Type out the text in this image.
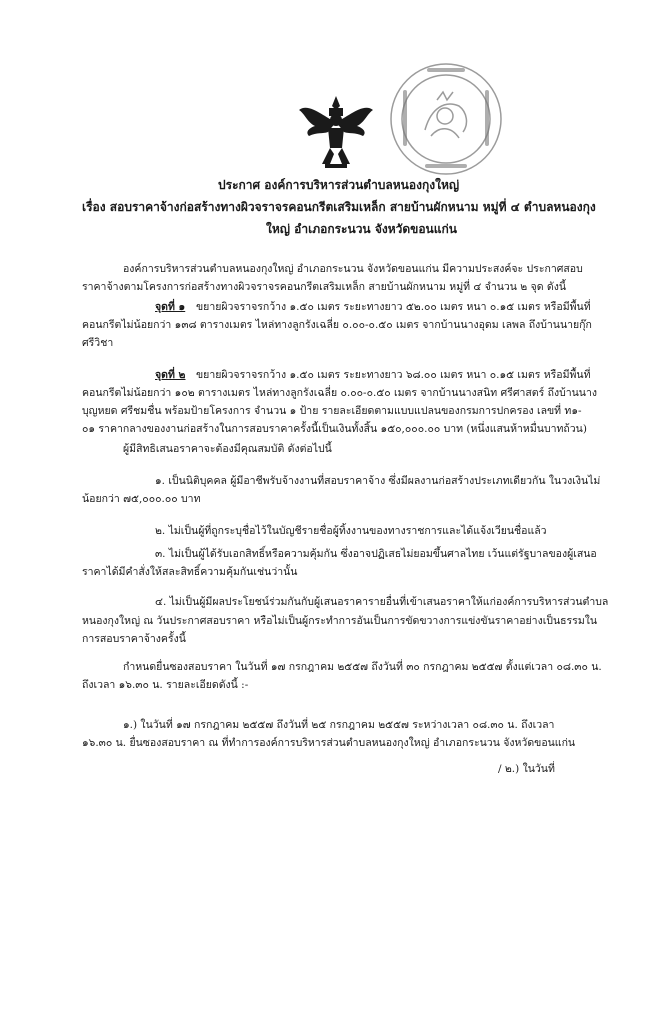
ประกาศ องค์การบริหารส่วนตำบลหนองกุงใหญ่
เรื่อง สอบราคาจ้างก่อสร้างทางผิวจราจรคอนกรีตเสริมเหล็ก สายบ้านผักหนาม หมู่ที่ ๔ ตำบลหนองกุง
ใหญ่ อำเภอกระนวน จังหวัดขอนแก่น
องค์การบริหารส่วนตำบลหนองกุงใหญ่ อำเภอกระนวน จังหวัดขอนแก่น มีความประสงค์จะ ประกาศสอบ
ราคาจ้างตามโครงการก่อสร้างทางผิวจราจรคอนกรีตเสริมเหล็ก สายบ้านผักหนาม หมู่ที่ ๔ จำนวน ๒ จุด ดังนี้
จุดที่ ๑ ขยายผิวจราจรกว้าง ๑.๕๐ เมตร ระยะทางยาว ๕๒.๐๐ เมตร หนา ๐.๑๕ เมตร หรือมีพื้นที่
คอนกรีตไม่น้อยกว่า ๑๓๘ ตารางเมตร ไหล่ทางลูกรังเฉลี่ย ๐.๐๐-๐.๕๐ เมตร จากบ้านนางอุดม เลพล ถึงบ้านนายกุ๊ก
ศรีวิชา
จุดที่ ๒ ขยายผิวจราจรกว้าง ๑.๕๐ เมตร ระยะทางยาว ๖๘.๐๐ เมตร หนา ๐.๑๕ เมตร หรือมีพื้นที่
คอนกรีตไม่น้อยกว่า ๑๐๒ ตารางเมตร ไหล่ทางลูกรังเฉลี่ย ๐.๐๐-๐.๕๐ เมตร จากบ้านนางสนิท ศรีศาสตร์ ถึงบ้านนาง
บุญหยด ศรีชมชื่น พร้อมป้ายโครงการ จำนวน ๑ ป้าย รายละเอียดตามแบบแปลนของกรมการปกครอง เลขที่ ท๑-
๐๑ ราคากลางของงานก่อสร้างในการสอบราคาครั้งนี้เป็นเงินทั้งสิ้น ๑๕๐,๐๐๐.๐๐ บาท (หนึ่งแสนห้าหมื่นบาทถ้วน)
ผู้มีสิทธิเสนอราคาจะต้องมีคุณสมบัติ ดังต่อไปนี้
๑. เป็นนิติบุคคล ผู้มีอาชีพรับจ้างงานที่สอบราคาจ้าง ซึ่งมีผลงานก่อสร้างประเภทเดียวกัน ในวงเงินไม่
น้อยกว่า ๗๕,๐๐๐.๐๐ บาท
๒. ไม่เป็นผู้ที่ถูกระบุชื่อไว้ในบัญชีรายชื่อผู้ทิ้งงานของทางราชการและได้แจ้งเวียนชื่อแล้ว
๓. ไม่เป็นผู้ได้รับเอกสิทธิ์หรือความคุ้มกัน ซึ่งอาจปฏิเสธไม่ยอมขึ้นศาลไทย เว้นแต่รัฐบาลของผู้เสนอ
ราคาได้มีคำสั่งให้สละสิทธิ์ความคุ้มกันเช่นว่านั้น
๔. ไม่เป็นผู้มีผลประโยชน์ร่วมกันกับผู้เสนอราคารายอื่นที่เข้าเสนอราคาให้แก่องค์การบริหารส่วนตำบล
หนองกุงใหญ่ ณ วันประกาศสอบราคา หรือไม่เป็นผู้กระทำการอันเป็นการขัดขวางการแข่งขันราคาอย่างเป็นธรรมใน
การสอบราคาจ้างครั้งนี้
กำหนดยื่นซองสอบราคา ในวันที่ ๑๗ กรกฎาคม ๒๕๕๗ ถึงวันที่ ๓๐ กรกฎาคม ๒๕๕๗ ตั้งแต่เวลา ๐๘.๓๐ น.
ถึงเวลา ๑๖.๓๐ น. รายละเอียดดังนี้ :-
๑.) ในวันที่ ๑๗ กรกฎาคม ๒๕๕๗ ถึงวันที่ ๒๕ กรกฎาคม ๒๕๕๗ ระหว่างเวลา ๐๘.๓๐ น. ถึงเวลา
๑๖.๓๐ น. ยื่นซองสอบราคา ณ ที่ทำการองค์การบริหารส่วนตำบลหนองกุงใหญ่ อำเภอกระนวน จังหวัดขอนแก่น
/ ๒.) ในวันที่
